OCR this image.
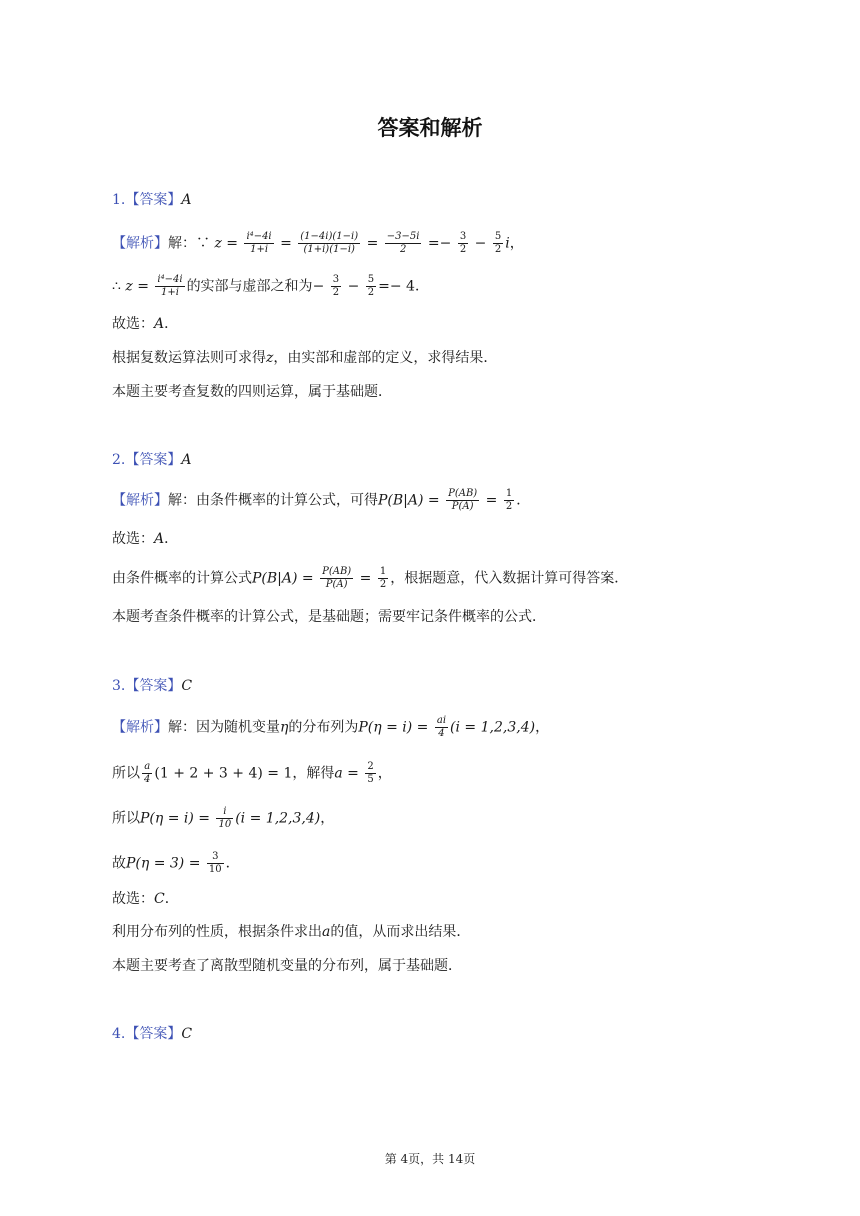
答案和解析
1.【答案】A
【解析】解：∵ $z = \frac{\text{i⁴−4i}}{1+i} = \frac{(1-4i)(1-i)}{(1+i)(1-i)} = \frac{-3-5i}{2} =- \frac{3}{2} - \frac{5}{2}$ i，
∴ $z = \frac{\text{i⁴−4i}}{1+i}$ 的实部与虚部之和为− $\frac{3}{2} - \frac{5}{2} =- 4$．
故选：A．
根据复数运算法则可求得z，由实部和虚部的定义，求得结果．
本题主要考查复数的四则运算，属于基础题．
2.【答案】A
【解析】解：由条件概率的计算公式，可得$P(B|A) = \frac{P(AB)}{P(A)} = \frac{1}{2}$ ．
故选：A．
由条件概率的计算公式$P(B|A) = \frac{P(AB)}{P(A)} = \frac{1}{2}$ ，根据题意，代入数据计算可得答案．
本题考查条件概率的计算公式，是基础题；需要牢记条件概率的公式．
3.【答案】C
【解析】解：因为随机变量η的分布列为$P(\eta = i) = \frac{ai}{4} (i = 1,2,3,4)$，
所以 $\frac{a}{4} (1 + 2 + 3 + 4) = 1$，解得$a = \frac{2}{5}$ ，
所以$P(\eta = i) = \frac{i}{10} (i = 1,2,3,4)$，
故$P(\eta = 3) = \frac{3}{10}$ ．
故选：C．
利用分布列的性质，根据条件求出a的值，从而求出结果．
本题主要考查了离散型随机变量的分布列，属于基础题．
4.【答案】C
第 4页，共 14页
